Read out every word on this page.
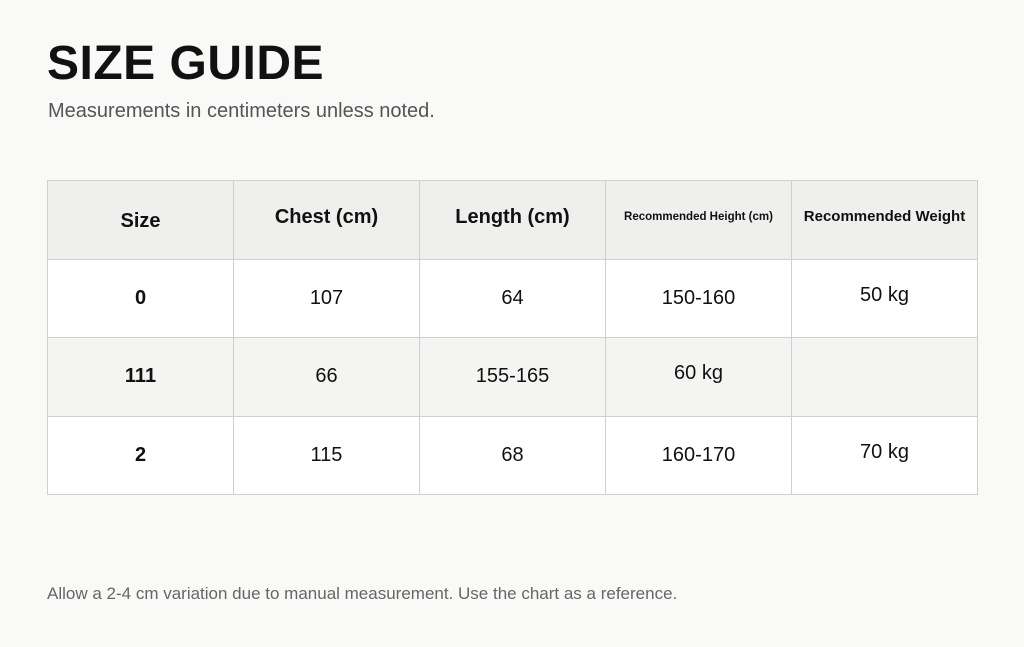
SIZE GUIDE

Measurements in centimeters unless noted.

Size	Chest (cm)	Length (cm)	Recommended Height (cm)	Recommended Weight
0	107	64	150-160	50 kg
111	66	155-165	60 kg	
2	115	68	160-170	70 kg

Allow a 2-4 cm variation due to manual measurement. Use the chart as a reference.
